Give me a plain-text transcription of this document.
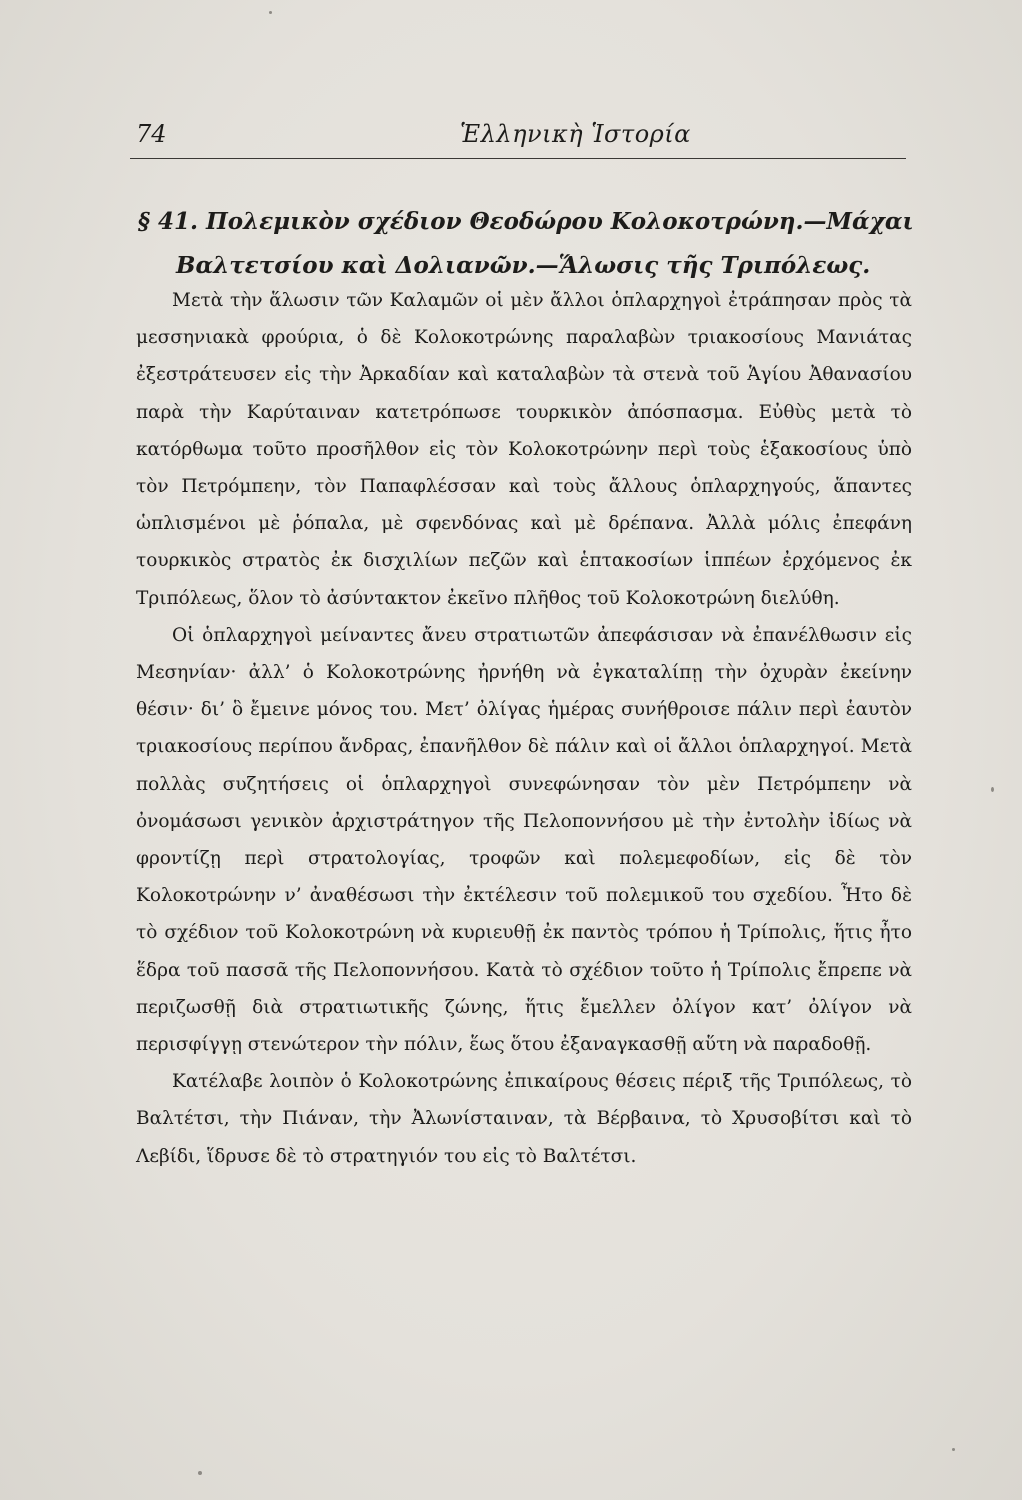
74	Ἑλληνικὴ Ἱστορία
§ 41. Πολεμικὸν σχέδιον Θεοδώρου Κολοκοτρώνη.—Μάχαι
Βαλτετσίου καὶ Δολιανῶν.—Ἅλωσις τῆς Τριπόλεως.

Μετὰ τὴν ἅλωσιν τῶν Καλαμῶν οἱ μὲν ἄλλοι ὁπλαρχηγοὶ ἐτράπησαν πρὸς τὰ μεσσηνιακὰ φρούρια, ὁ δὲ Κολοκοτρώνης παραλαβὼν τριακοσίους Μανιάτας ἐξεστράτευσεν εἰς τὴν Ἀρκαδίαν καὶ καταλαβὼν τὰ στενὰ τοῦ Ἁγίου Ἀθανασίου παρὰ τὴν Καρύταιναν κατετρόπωσε τουρκικὸν ἀπόσπασμα. Εὐθὺς μετὰ τὸ κατόρθωμα τοῦτο προσῆλθον εἰς τὸν Κολοκοτρώνην περὶ τοὺς ἑξακοσίους ὑπὸ τὸν Πετρόμπεην, τὸν Παπαφλέσσαν καὶ τοὺς ἄλλους ὁπλαρχηγούς, ἅπαντες ὡπλισμένοι μὲ ῥόπαλα, μὲ σφενδόνας καὶ μὲ δρέπανα. Ἀλλὰ μόλις ἐπεφάνη τουρκικὸς στρατὸς ἐκ δισχιλίων πεζῶν καὶ ἑπτακοσίων ἱππέων ἐρχόμενος ἐκ Τριπόλεως, ὅλον τὸ ἀσύντακτον ἐκεῖνο πλῆθος τοῦ Κολοκοτρώνη διελύθη.

Οἱ ὁπλαρχηγοὶ μείναντες ἄνευ στρατιωτῶν ἀπεφάσισαν νὰ ἐπανέλθωσιν εἰς Μεσηνίαν· ἀλλ’ ὁ Κολοκοτρώνης ἠρνήθη νὰ ἐγκαταλίπῃ τὴν ὀχυρὰν ἐκείνην θέσιν· δι’ ὃ ἔμεινε μόνος του. Μετ’ ὀλίγας ἡμέρας συνήθροισε πάλιν περὶ ἑαυτὸν τριακοσίους περίπου ἄνδρας, ἐπανῆλθον δὲ πάλιν καὶ οἱ ἄλλοι ὁπλαρχηγοί. Μετὰ πολλὰς συζητήσεις οἱ ὁπλαρχηγοὶ συνεφώνησαν τὸν μὲν Πετρόμπεην νὰ ὀνομάσωσι γενικὸν ἀρχιστράτηγον τῆς Πελοποννήσου μὲ τὴν ἐντολὴν ἰδίως νὰ φροντίζῃ περὶ στρατολογίας, τροφῶν καὶ πολεμεφοδίων, εἰς δὲ τὸν Κολοκοτρώνην ν’ ἀναθέσωσι τὴν ἐκτέλεσιν τοῦ πολεμικοῦ του σχεδίου. Ἦτο δὲ τὸ σχέδιον τοῦ Κολοκοτρώνη νὰ κυριευθῇ ἐκ παντὸς τρόπου ἡ Τρίπολις, ἥτις ἦτο ἕδρα τοῦ πασσᾶ τῆς Πελοποννήσου. Κατὰ τὸ σχέδιον τοῦτο ἡ Τρίπολις ἔπρεπε νὰ περιζωσθῇ διὰ στρατιωτικῆς ζώνης, ἥτις ἔμελλεν ὀλίγον κατ’ ὀλίγον νὰ περισφίγγῃ στενώτερον τὴν πόλιν, ἕως ὅτου ἐξαναγκασθῇ αὕτη νὰ παραδοθῇ.

Κατέλαβε λοιπὸν ὁ Κολοκοτρώνης ἐπικαίρους θέσεις πέριξ τῆς Τριπόλεως, τὸ Βαλτέτσι, τὴν Πιάναν, τὴν Ἀλωνίσταιναν, τὰ Βέρβαινα, τὸ Χρυσοβίτσι καὶ τὸ Λεβίδι, ἵδρυσε δὲ τὸ στρατηγιόν του εἰς τὸ Βαλτέτσι.
